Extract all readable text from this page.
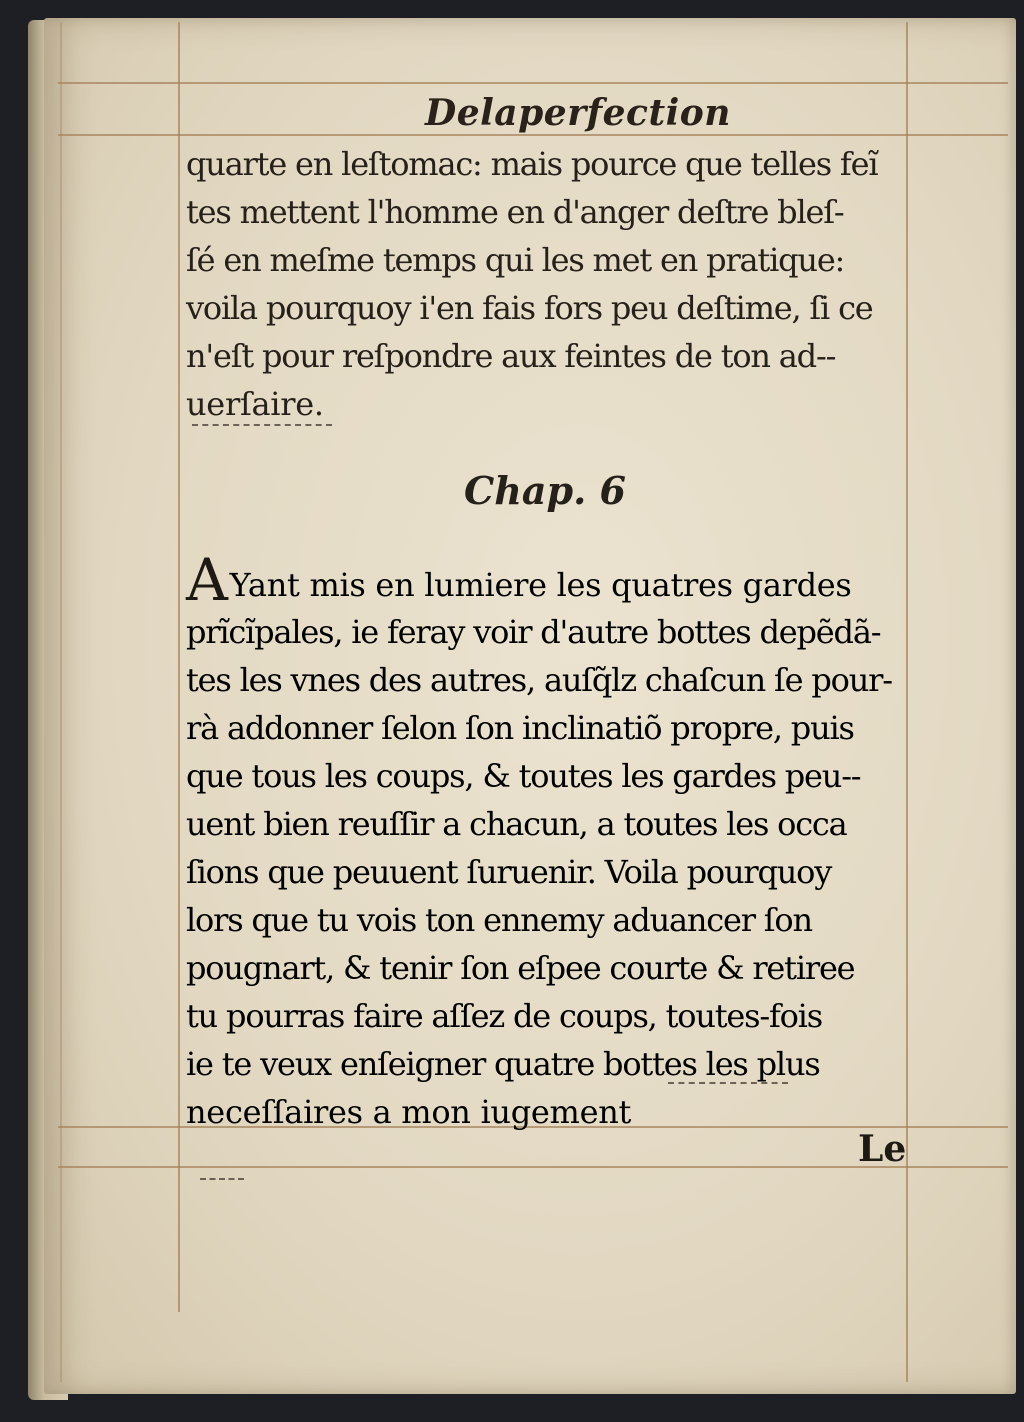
Delaperfection
quarte en leſtomac: mais pource que telles feĩ
tes mettent l'homme en d'anger deſtre bleſ-
ſé en meſme temps qui les met en pratique:
voila pourquoy i'en fais fors peu deſtime, ſi ce
n'eſt pour reſpondre aux feintes de ton ad--
uerſaire.
Chap. 6
AYant mis en lumiere les quatres gardes
prĩcĩpales, ie feray voir d'autre bottes depẽdã-
tes les vnes des autres, auſq̃lz chaſcun ſe pour-
rà addonner ſelon ſon inclinatiõ propre, puis
que tous les coups, & toutes les gardes peu--
uent bien reuſſir a chacun, a toutes les occa
ſions que peuuent ſuruenir. Voila pourquoy
lors que tu vois ton ennemy aduancer ſon
pougnart, & tenir ſon eſpee courte & retiree
tu pourras faire aſſez de coups, toutes-fois
ie te veux enſeigner quatre bottes les plus
neceſſaires a mon iugement

Le
